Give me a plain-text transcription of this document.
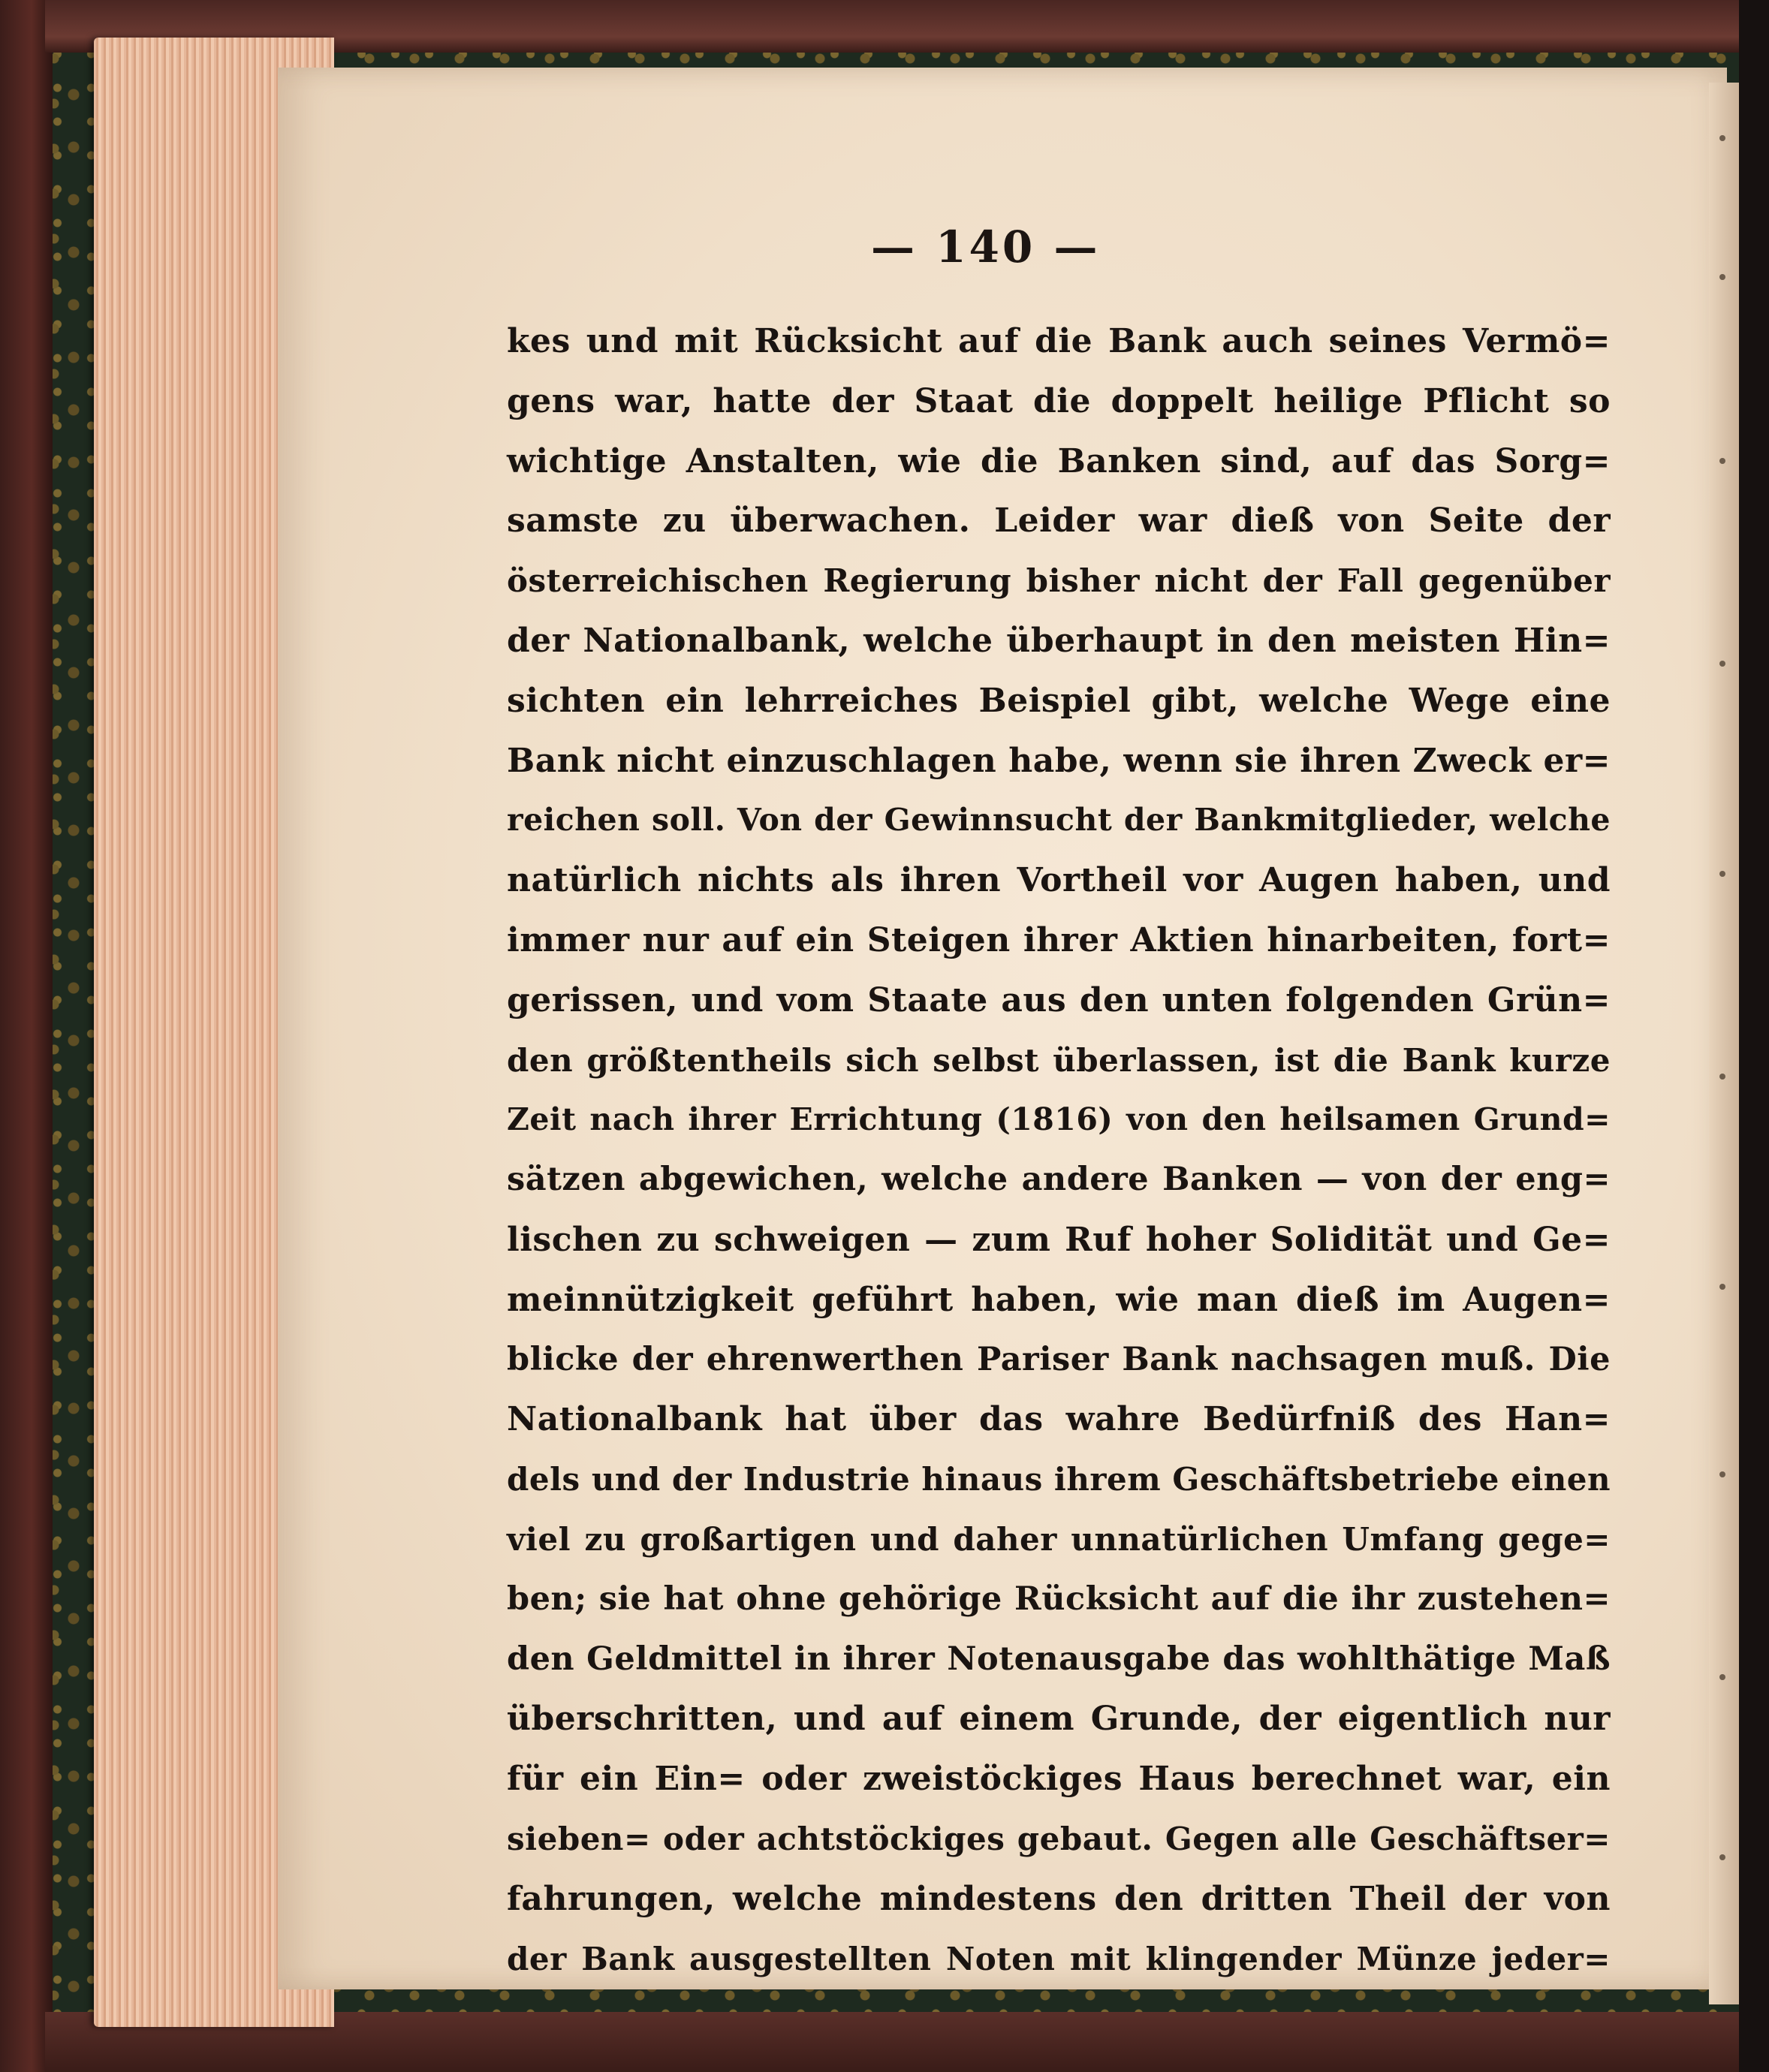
— 140 —
kes und mit Rücksicht auf die Bank auch seines Vermö=
gens war, hatte der Staat die doppelt heilige Pflicht so
wichtige Anstalten, wie die Banken sind, auf das Sorg=
samste zu überwachen. Leider war dieß von Seite der
österreichischen Regierung bisher nicht der Fall gegenüber
der Nationalbank, welche überhaupt in den meisten Hin=
sichten ein lehrreiches Beispiel gibt, welche Wege eine
Bank nicht einzuschlagen habe, wenn sie ihren Zweck er=
reichen soll. Von der Gewinnsucht der Bankmitglieder, welche
natürlich nichts als ihren Vortheil vor Augen haben, und
immer nur auf ein Steigen ihrer Aktien hinarbeiten, fort=
gerissen, und vom Staate aus den unten folgenden Grün=
den größtentheils sich selbst überlassen, ist die Bank kurze
Zeit nach ihrer Errichtung (1816) von den heilsamen Grund=
sätzen abgewichen, welche andere Banken — von der eng=
lischen zu schweigen — zum Ruf hoher Solidität und Ge=
meinnützigkeit geführt haben, wie man dieß im Augen=
blicke der ehrenwerthen Pariser Bank nachsagen muß. Die
Nationalbank hat über das wahre Bedürfniß des Han=
dels und der Industrie hinaus ihrem Geschäftsbetriebe einen
viel zu großartigen und daher unnatürlichen Umfang gege=
ben; sie hat ohne gehörige Rücksicht auf die ihr zustehen=
den Geldmittel in ihrer Notenausgabe das wohlthätige Maß
überschritten, und auf einem Grunde, der eigentlich nur
für ein Ein= oder zweistöckiges Haus berechnet war, ein
sieben= oder achtstöckiges gebaut. Gegen alle Geschäftser=
fahrungen, welche mindestens den dritten Theil der von
der Bank ausgestellten Noten mit klingender Münze jeder=
